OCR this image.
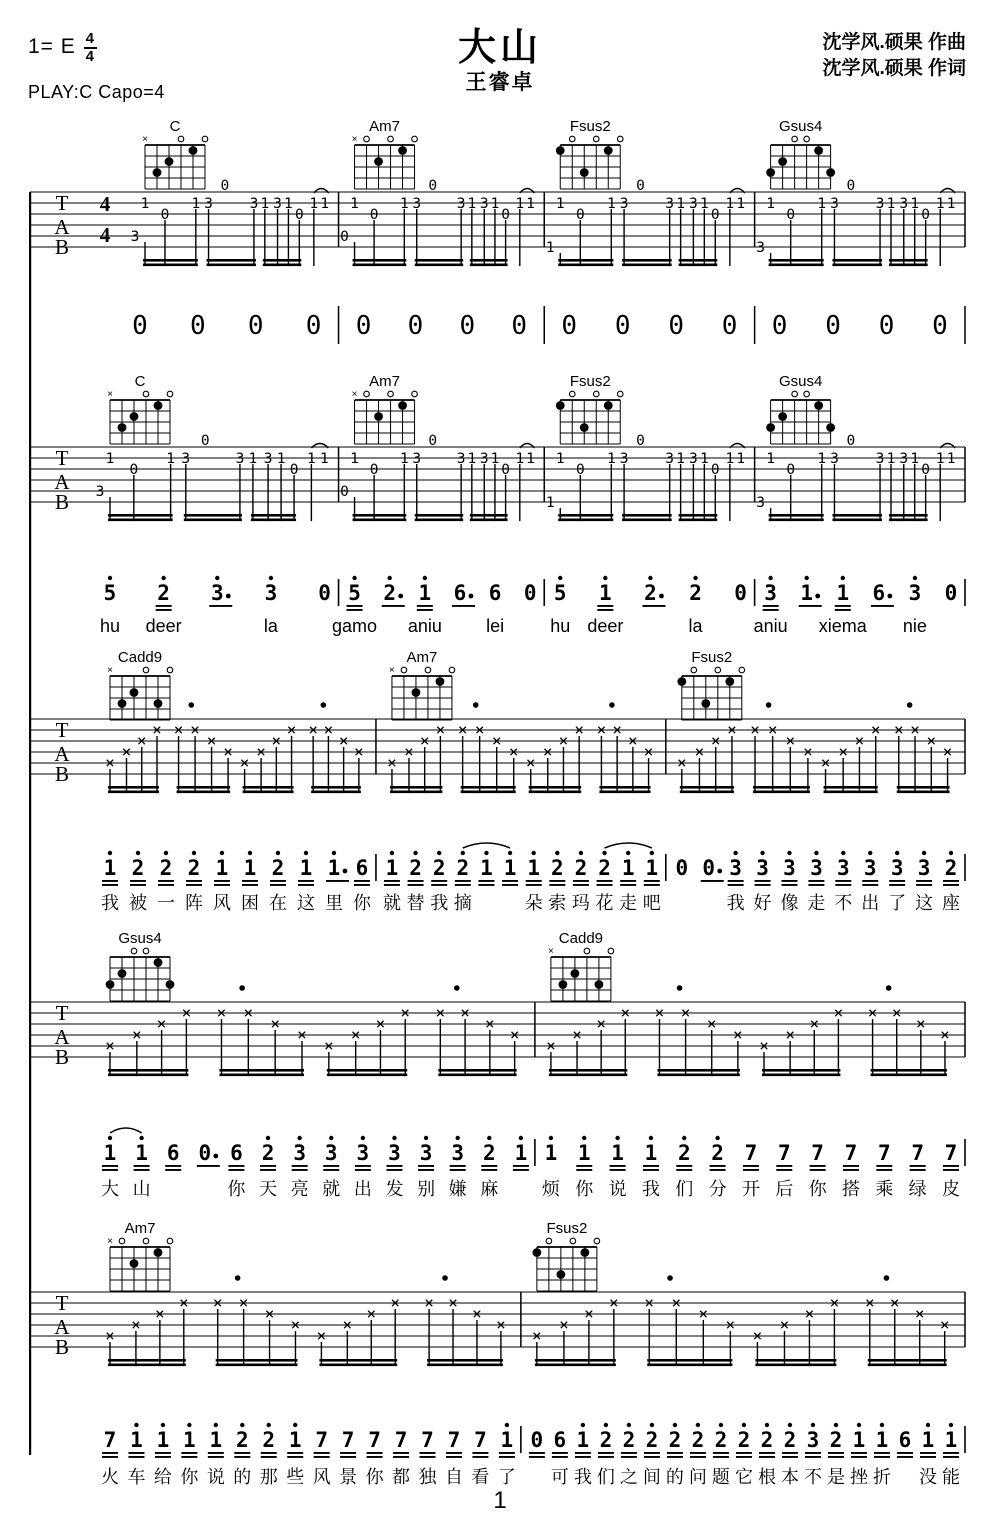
1= E $\frac{4}{4}$
PLAY:C Capo=4
大山
王睿卓
沈学风.硕果 作曲
沈学风.硕果 作词
T
A
B
4
4
C
×
1
3
0
1 3
0
3 1 3 1
0
1 1
Am7
×
1
0
0
1 3
0
3 1 3 1
0
1 1
Fsus2
1
1
0
1 3
0
3 1 3 1
0
1 1
Gsus4
1
3
0
1 3
0
3 1 3 1
0
1 1
0 0 0 0 0 0 0 0 0 0 0 0 0 0 0 0
T
A
B
C
×
1
3
0
1 3
0
3 1 3 1
0
1 1
Am7
×
1
0
0
1 3
0
3 1 3 1
0
1 1
Fsus2
1
1
0
1 3
0
3 1 3 1
0
1 1
Gsus4
1
3
0
1 3
0
3 1 3 1
0
1 1
5
hu
2
deer
3 3
la
0 5
gamo
2 1
aniu
6 6
lei
0 5
hu
1
deer
2 2
la
0 3
aniu
1 1
xiema
6 3
nie
0
T
A
B
Cadd9
×
×
×
×
× × ×
×
×
×
×
×
× × ×
×
×
Am7
×
×
×
×
× × ×
×
×
×
×
×
× × ×
×
×
Fsus2
×
×
×
× × ×
×
×
×
×
×
× × ×
×
×
1
我
2
被
2
一
2
阵
1
风
1
困
2
在
1
这
1
里
6
你
1
就
2
替
2
我
2
摘
1 1 1
朵
2
索
2
玛
2
花
1
走
1
吧
0 0 3
我
3
好
3
像
3
走
3
不
3
出
3
了
3
这
2
座
T
A
B
Gsus4
×
×
×
× × ×
×
×
×
×
×
× × ×
×
×
Cadd9
×
×
×
×
× × ×
×
×
×
×
×
× × ×
×
×
1
大
1
山
6 0 6
你
2
天
3
亮
3
就
3
出
3
发
3
别
3
嫌
2
麻
1 1
烦
1
你
1
说
1
我
2
们
2
分
7
开
7
后
7
你
7
搭
7
乘
7
绿
7
皮
T
A
B
Am7
×
×
×
×
× × ×
×
×
×
×
×
× × ×
×
×
Fsus2
×
×
×
× × ×
×
×
×
×
×
× × ×
×
×
7
火
1
车
1
给
1
你
1
说
2
的
2
那
1
些
7
风
7
景
7
你
7
都
7
独
7
自
7
看
1
了
0 6
可
1
我
2
们
2
之
2
间
2
的
2
问
2
题
2
它
2
根
2
本
3
不
2
是
1
挫
1
折
6 1
没
1
能
1
